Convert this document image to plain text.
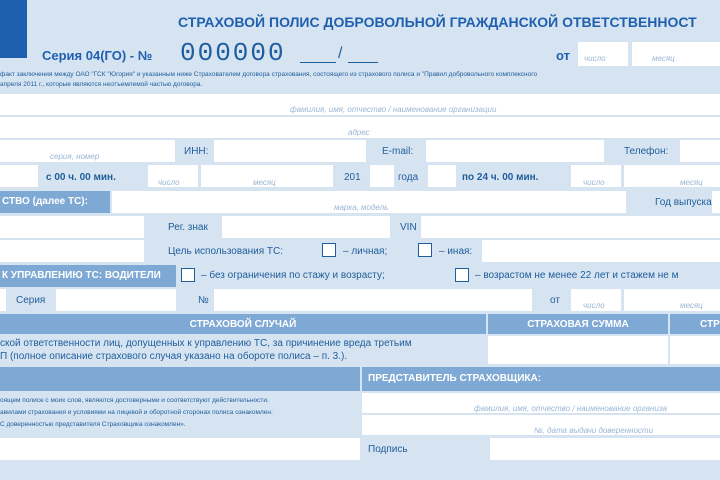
СТРАХОВОЙ ПОЛИС ДОБРОВОЛЬНОЙ ГРАЖДАНСКОЙ ОТВЕТСТВЕННОСТ
Серия 04(ГО) - № 000000	/	от число	месяц
факт заключения между ОАО "ГСК "Югория" и указанным ниже Страхователем договора страхования, состоящего из страхового полиса и "Правил добровольного комплексного
апреля 2011 г., которые являются неотъемлемой частью договора.
фамилия, имя, отчество / наименование организации
адрес
серия, номер	ИНН:	E-mail:	Телефон:
с 00 ч. 00 мин.	число	месяц	201	года	по 24 ч. 00 мин.	число	месяц
СТВО (далее ТС):
марка, модель	Год выпуска
Рег. знак	VIN
Цель использования ТС:	– личная;	– иная:
К УПРАВЛЕНИЮ ТС: ВОДИТЕЛИ	– без ограничения по стажу и возрасту;	– возрастом не менее 22 лет и стажем не м
Серия	№	от	число	месяц
СТРАХОВОЙ СЛУЧАЙ	СТРАХОВАЯ СУММА	СТР
ской ответственности лиц, допущенных к управлению ТС, за причинение вреда третьим
П (полное описание страхового случая указано на обороте полиса – п. 3.).
ПРЕДСТАВИТЕЛЬ СТРАХОВЩИКА:
оящем полисе с моих слов, являются достоверными и соответствуют действительности.
авилами страхования и условиями на лицевой и оборотной сторонах полиса ознакомлен.
С доверенностью представителя Страховщика ознакомлен».
фамилия, имя, отчество / наименование организа
№, дата выдачи доверенности
Подпись
